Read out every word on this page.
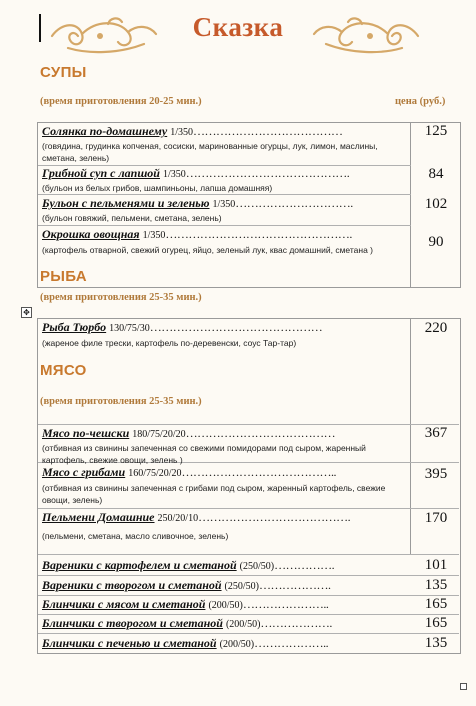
Сказка
СУПЫ
(время приготовления 20-25 мин.)	цена (руб.)
Солянка по-домашнему 1/350…………………………………
(говядина, грудинка копченая, сосиски, маринованные огурцы, лук, лимон, маслины, сметана, зелень)
125
Грибной суп с лапшой 1/350…………………………………….
(бульон из белых грибов, шампиньоны, лапша домашняя)
84
Бульон с пельменями и зеленью 1/350………………………….
(бульон говяжий, пельмени, сметана, зелень)
102
Окрошка овощная 1/350………………………………………….
(картофель отварной, свежий огурец, яйцо, зеленый лук, квас домашний, сметана )	90
РЫБА
(время приготовления 25-35 мин.)
✥
Рыба Тюрбо 130/75/30………………………………………
(жареное филе трески, картофель по-деревенски, соус Тар-тар)
220
МЯСО
(время приготовления 25-35 мин.)
Мясо по-чешски 180/75/20/20…………………………………
(отбивная из свинины запеченная со свежими помидорами под сыром, жаренный картофель, свежие овощи, зелень )
367
Мясо с грибами 160/75/20/20…………………………………..
(отбивная из свинины запеченная с грибами под сыром, жаренный картофель, свежие овощи, зелень)
395
Пельмени Домашние 250/20/10………………………………….
(пельмени, сметана, масло сливочное, зелень)
170
Вареники с картофелем и сметаной (250/50)…………….	101
Вареники с творогом и сметаной (250/50)……………….	135
Блинчики с мясом и сметаной (200/50)…………………..	165
Блинчики с творогом и сметаной (200/50)……………….	165
Блинчики с печенью и сметаной (200/50)………………..	135
